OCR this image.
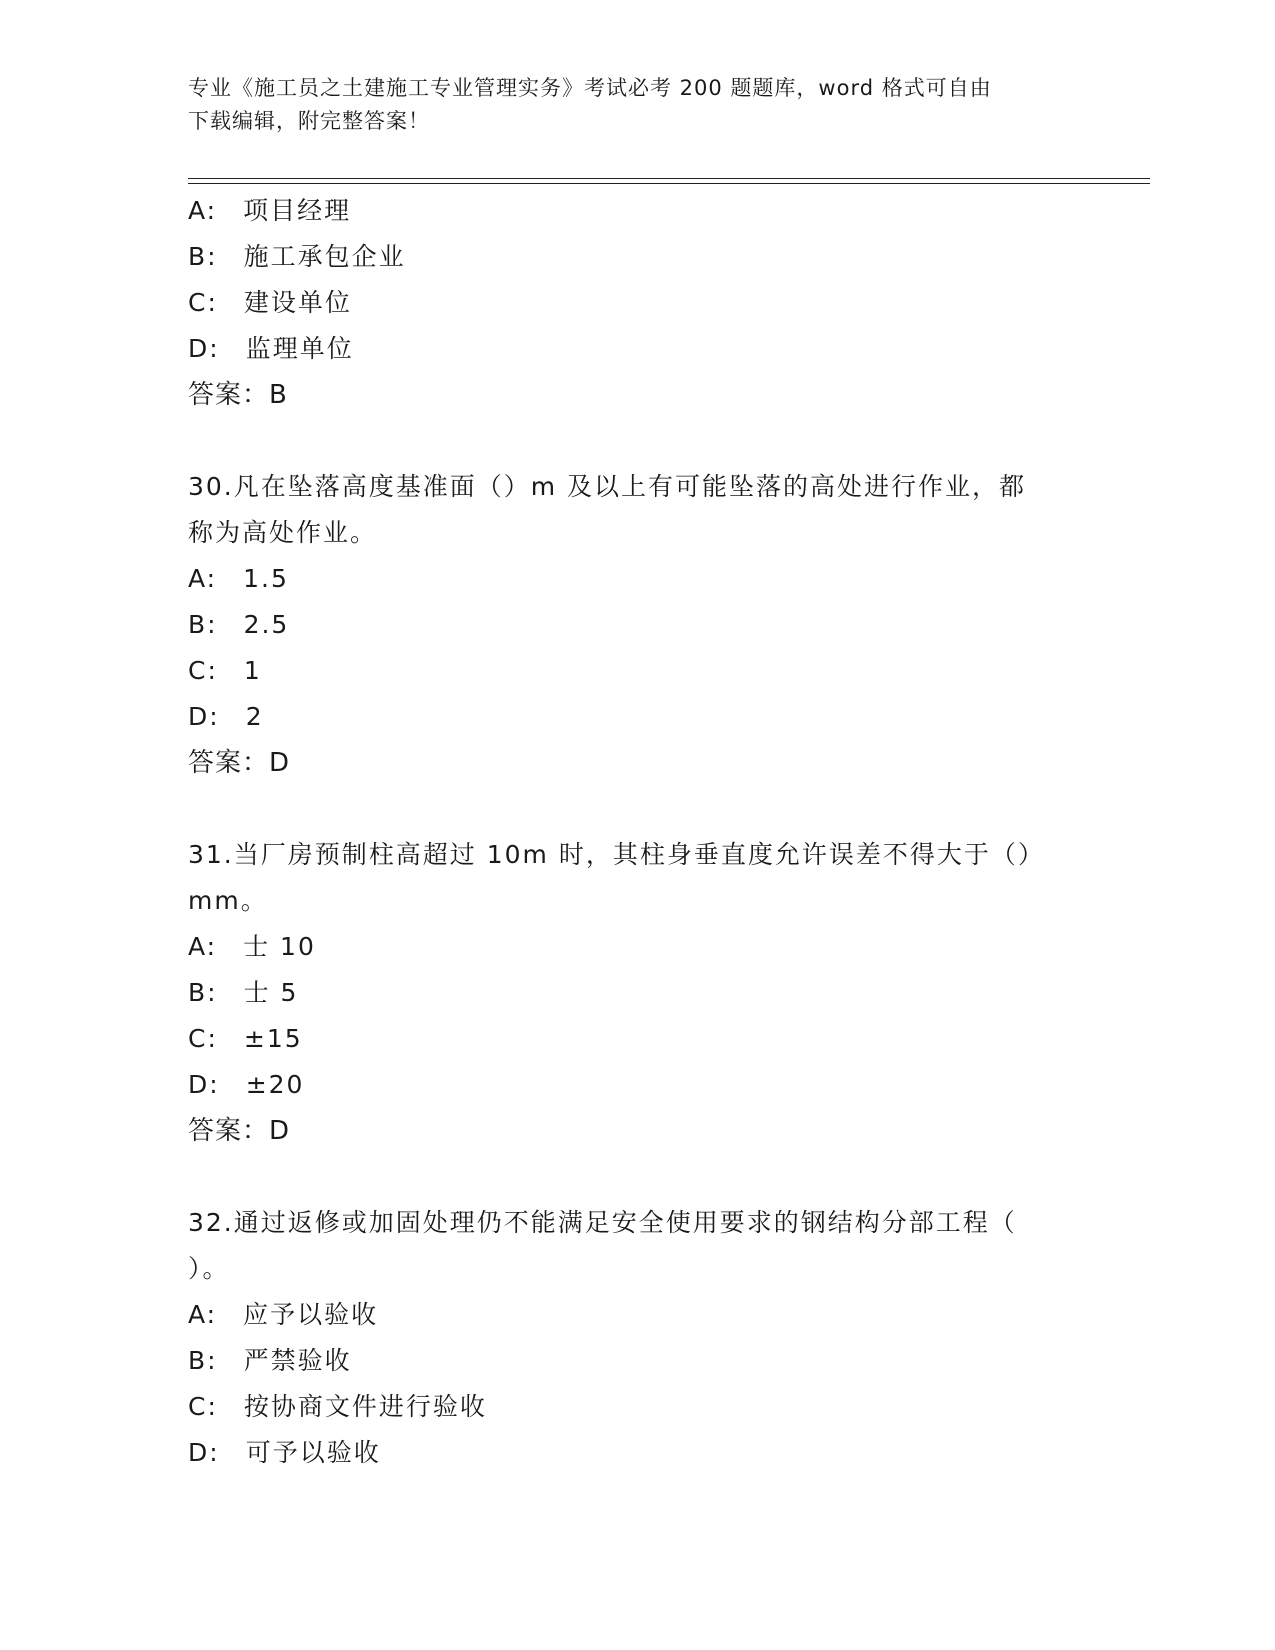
专业《施工员之土建施工专业管理实务》考试必考 200 题题库，word 格式可自由
下载编辑，附完整答案！
A: 项目经理
B: 施工承包企业
C: 建设单位
D: 监理单位
答案：B
30.凡在坠落高度基准面（）m 及以上有可能坠落的高处进行作业，都
称为高处作业。
A: 1.5
B: 2.5
C: 1
D: 2
答案：D
31.当厂房预制柱高超过 10m 时，其柱身垂直度允许误差不得大于（）
mm。
A: 士 10
B: 士 5
C: ±15
D: ±20
答案：D
32.通过返修或加固处理仍不能满足安全使用要求的钢结构分部工程（
）。
A: 应予以验收
B: 严禁验收
C: 按协商文件进行验收
D: 可予以验收
